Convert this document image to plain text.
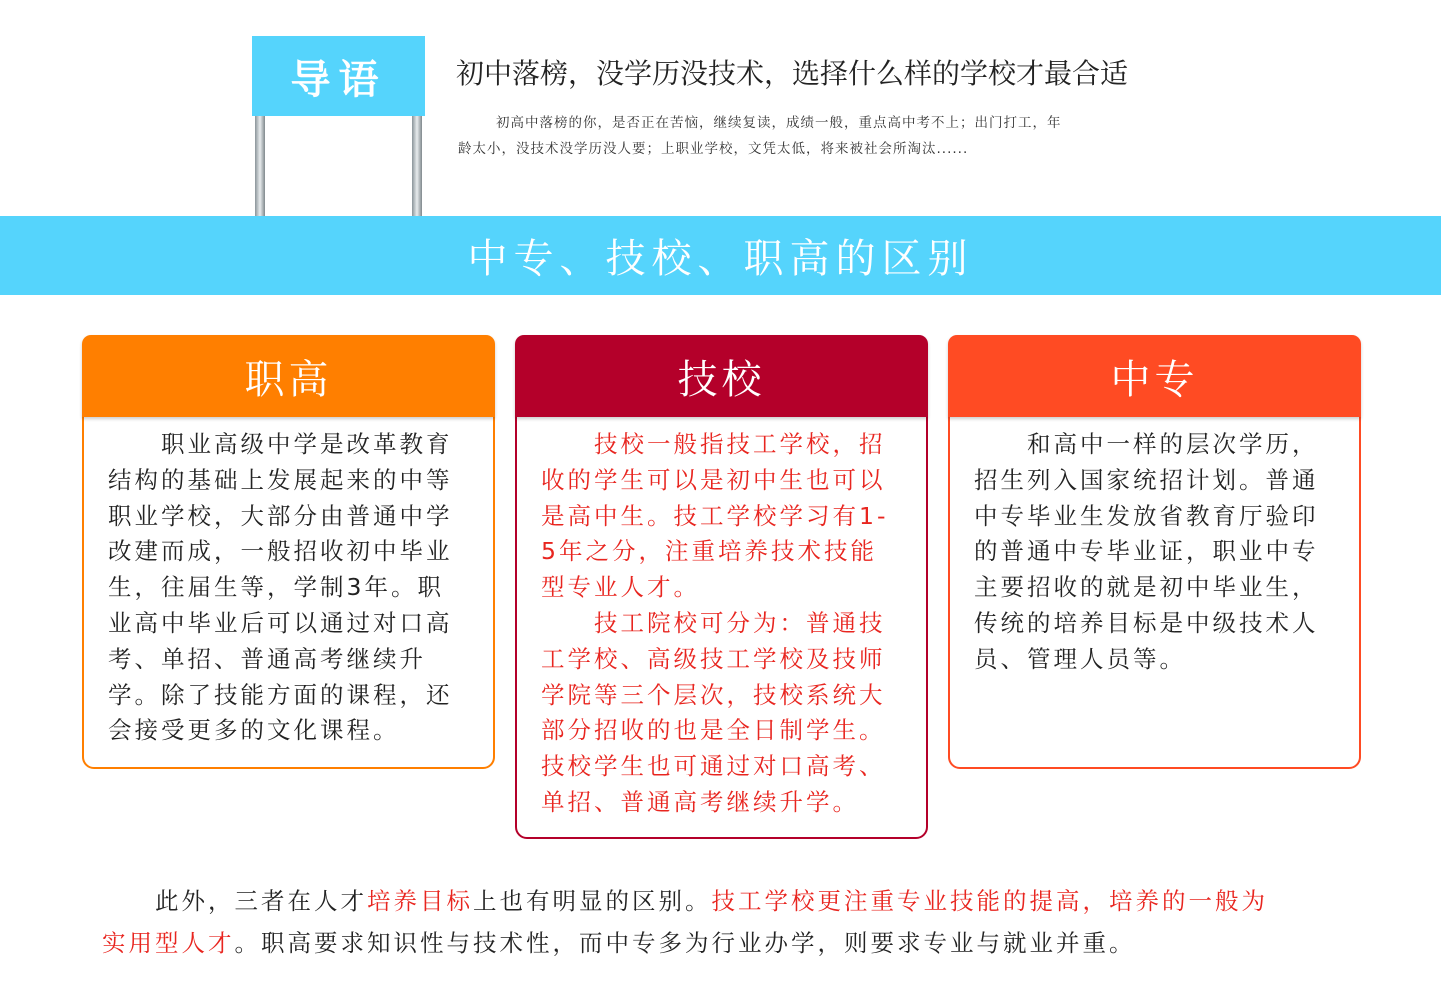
导语	初中落榜，没学历没技术，选择什么样的学校才最合适
初高中落榜的你，是否正在苦恼，继续复读，成绩一般，重点高中考不上；出门打工，年
龄太小，没技术没学历没人要；上职业学校，文凭太低，将来被社会所淘汰......
中专、技校、职高的区别
职高
　　职业高级中学是改革教育
结构的基础上发展起来的中等
职业学校，大部分由普通中学
改建而成，一般招收初中毕业
生，往届生等，学制3年。职
业高中毕业后可以通过对口高
考、单招、普通高考继续升
学。除了技能方面的课程，还
会接受更多的文化课程。
技校
　　技校一般指技工学校，招
收的学生可以是初中生也可以
是高中生。技工学校学习有1-
5年之分，注重培养技术技能
型专业人才。
　　技工院校可分为：普通技
工学校、高级技工学校及技师
学院等三个层次，技校系统大
部分招收的也是全日制学生。
技校学生也可通过对口高考、
单招、普通高考继续升学。
中专
　　和高中一样的层次学历，
招生列入国家统招计划。普通
中专毕业生发放省教育厅验印
的普通中专毕业证，职业中专
主要招收的就是初中毕业生，
传统的培养目标是中级技术人
员、管理人员等。
　　此外，三者在人才培养目标上也有明显的区别。技工学校更注重专业技能的提高，培养的一般为
实用型人才。职高要求知识性与技术性，而中专多为行业办学，则要求专业与就业并重。
